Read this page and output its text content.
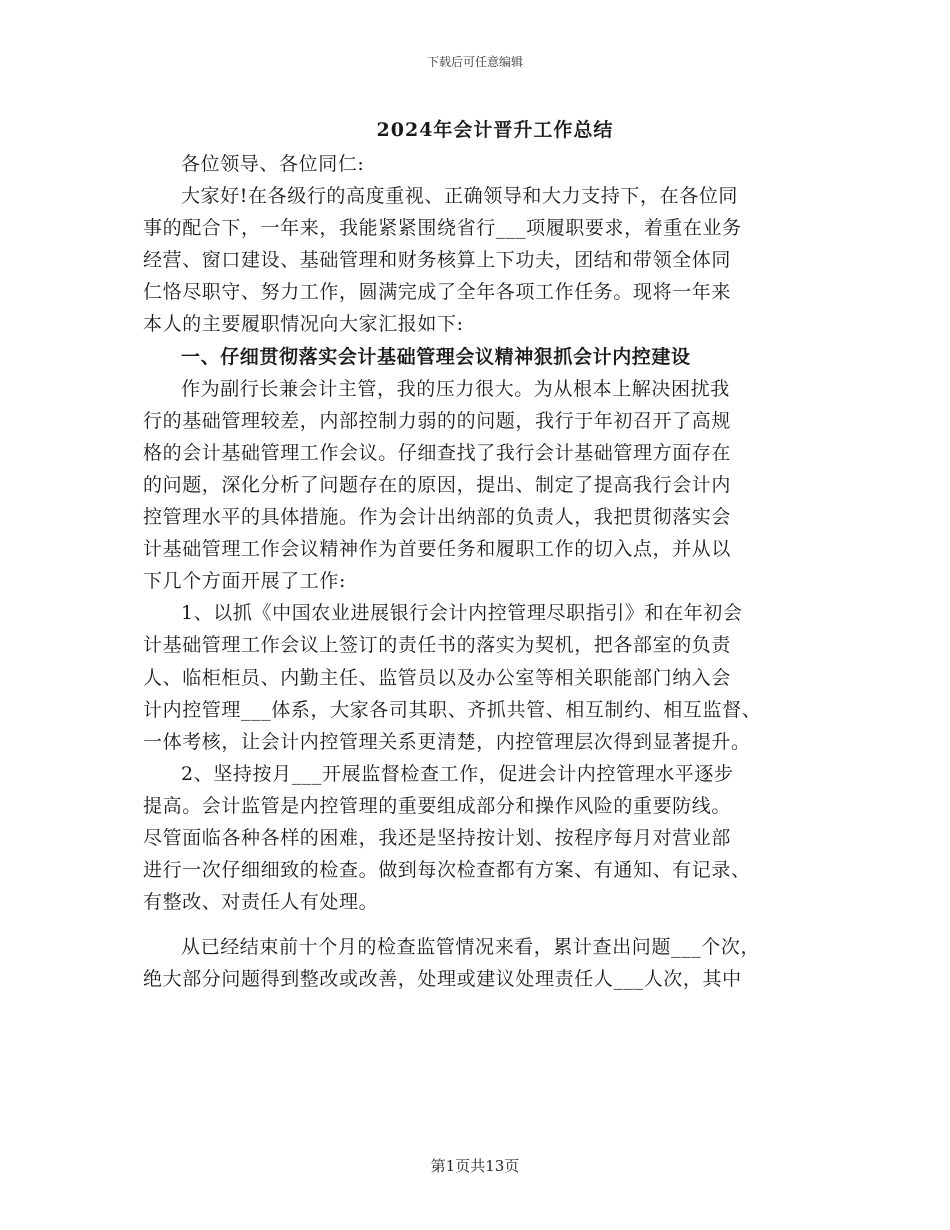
下载后可任意编辑
2024年会计晋升工作总结
各位领导、各位同仁:
大家好!在各级行的高度重视、正确领导和大力支持下，在各位同
事的配合下，一年来，我能紧紧围绕省行___项履职要求，着重在业务
经营、窗口建设、基础管理和财务核算上下功夫，团结和带领全体同
仁恪尽职守、努力工作，圆满完成了全年各项工作任务。现将一年来
本人的主要履职情况向大家汇报如下:
一、仔细贯彻落实会计基础管理会议精神狠抓会计内控建设
作为副行长兼会计主管，我的压力很大。为从根本上解决困扰我
行的基础管理较差，内部控制力弱的的问题，我行于年初召开了高规
格的会计基础管理工作会议。仔细查找了我行会计基础管理方面存在
的问题，深化分析了问题存在的原因，提出、制定了提高我行会计内
控管理水平的具体措施。作为会计出纳部的负责人，我把贯彻落实会
计基础管理工作会议精神作为首要任务和履职工作的切入点，并从以
下几个方面开展了工作:
1、以抓《中国农业进展银行会计内控管理尽职指引》和在年初会
计基础管理工作会议上签订的责任书的落实为契机，把各部室的负责
人、临柜柜员、内勤主任、监管员以及办公室等相关职能部门纳入会
计内控管理___体系，大家各司其职、齐抓共管、相互制约、相互监督、
一体考核，让会计内控管理关系更清楚，内控管理层次得到显著提升。
2、坚持按月___开展监督检查工作，促进会计内控管理水平逐步
提高。会计监管是内控管理的重要组成部分和操作风险的重要防线。
尽管面临各种各样的困难，我还是坚持按计划、按程序每月对营业部
进行一次仔细细致的检查。做到每次检查都有方案、有通知、有记录、
有整改、对责任人有处理。
从已经结束前十个月的检查监管情况来看，累计查出问题___个次，
绝大部分问题得到整改或改善，处理或建议处理责任人___人次，其中
第1页共13页
